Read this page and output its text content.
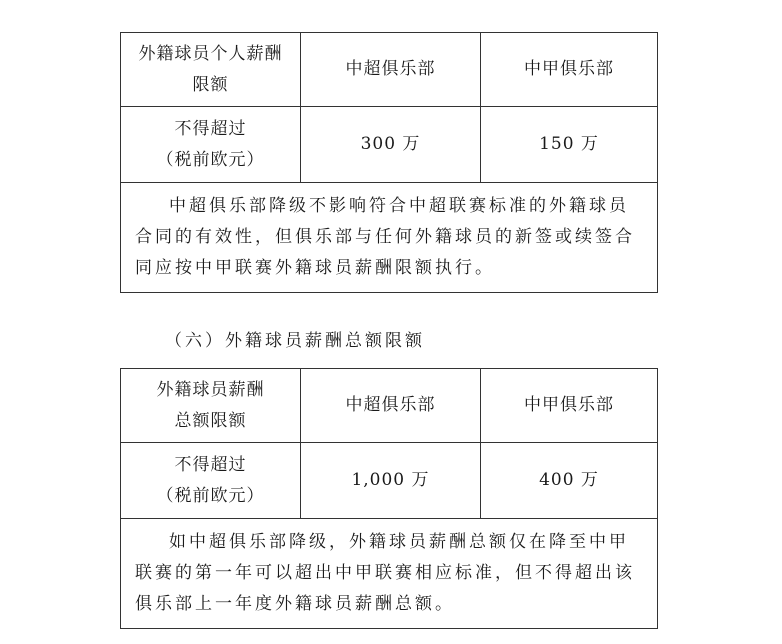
外籍球员个人薪酬
限额	中超俱乐部	中甲俱乐部

不得超过
（税前欧元）	300 万	150 万
中超俱乐部降级不影响符合中超联赛标准的外籍球员合同的有效性，但俱乐部与任何外籍球员的新签或续签合同应按中甲联赛外籍球员薪酬限额执行。		
（六）外籍球员薪酬总额限额
外籍球员薪酬
总额限额	中超俱乐部	中甲俱乐部

不得超过
（税前欧元）	1,000 万	400 万
如中超俱乐部降级，外籍球员薪酬总额仅在降至中甲联赛的第一年可以超出中甲联赛相应标准，但不得超出该俱乐部上一年度外籍球员薪酬总额。		
